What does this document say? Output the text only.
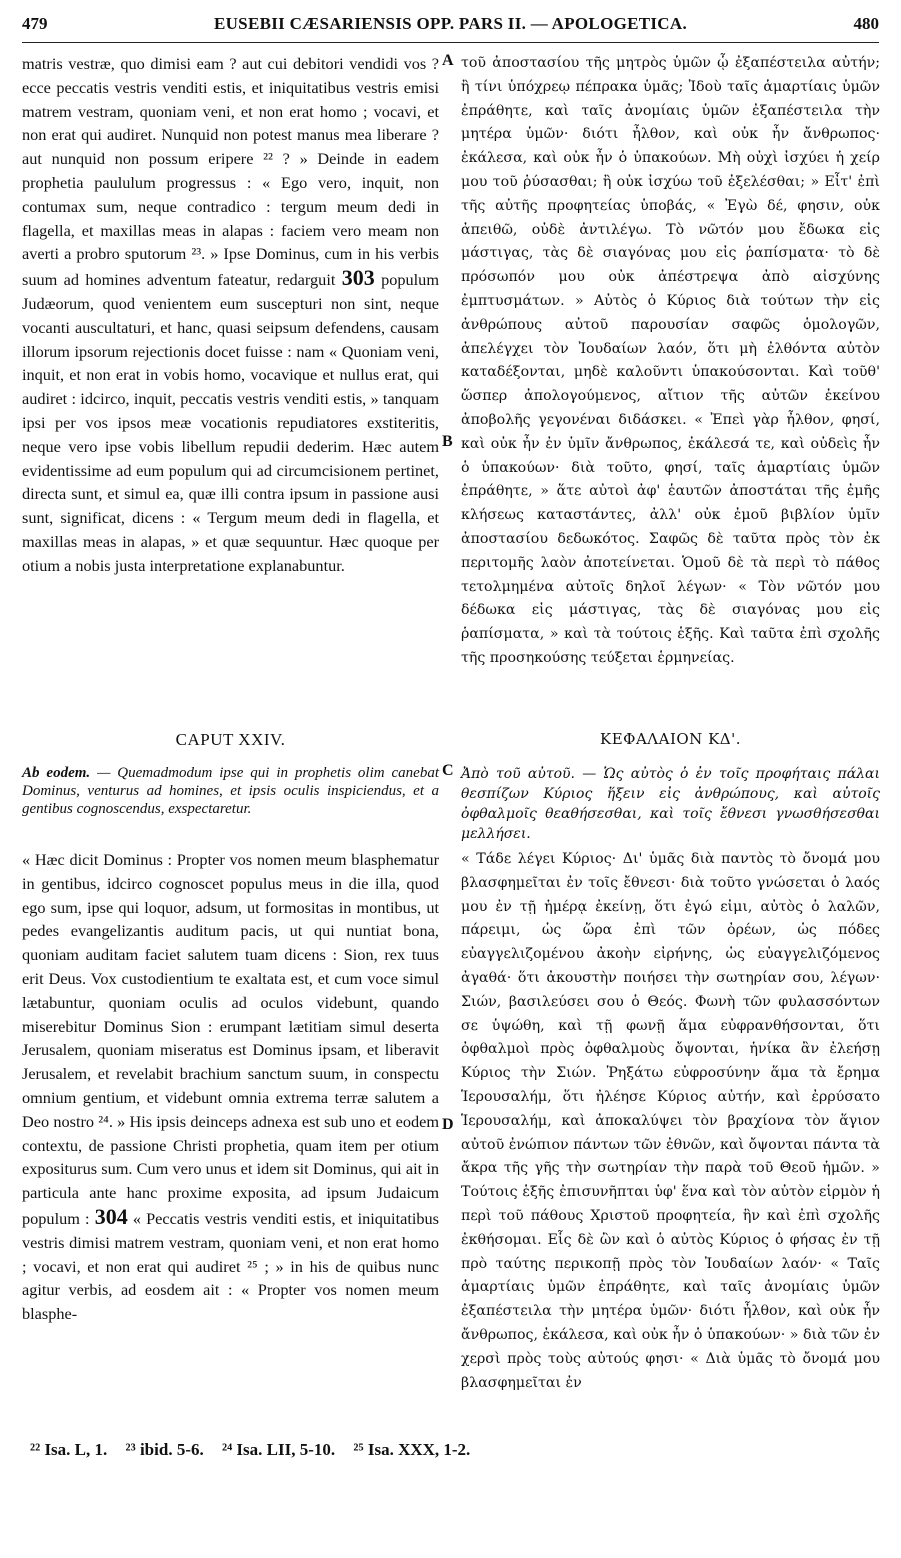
479	EUSEBII CÆSARIENSIS OPP. PARS II. — APOLOGETICA.	480
A
B
C
D

matris vestræ, quo dimisi eam ? aut cui debitori vendidi vos ? ecce peccatis vestris venditi estis, et iniquitatibus vestris emisi matrem vestram, quoniam veni, et non erat homo ; vocavi, et non erat qui audiret. Nunquid non potest manus mea liberare ? aut nunquid non possum eripere ²² ? » Deinde in eadem prophetia paululum progressus : « Ego vero, inquit, non contumax sum, neque contradico : tergum meum dedi in flagella, et maxillas meas in alapas : faciem vero meam non averti a probro sputorum ²³. » Ipse Dominus, cum in his verbis suum ad homines adventum fateatur, redarguit 303 populum Judæorum, quod venientem eum suscepturi non sint, neque vocanti auscultaturi, et hanc, quasi seipsum defendens, causam illorum ipsorum rejectionis docet fuisse : nam « Quoniam veni, inquit, et non erat in vobis homo, vocavique et nullus erat, qui audiret : idcirco, inquit, peccatis vestris venditi estis, » tanquam ipsi per vos ipsos meæ vocationis repudiatores exstiteritis, neque vero ipse vobis libellum repudii dederim. Hæc autem evidentissime ad eum populum qui ad circumcisionem pertinet, directa sunt, et simul ea, quæ illi contra ipsum in passione ausi sunt, significat, dicens : « Tergum meum dedi in flagella, et maxillas meas in alapas, » et quæ sequuntur. Hæc quoque per otium a nobis justa interpretatione explanabuntur.

τοῦ ἀποστασίου τῆς μητρὸς ὑμῶν ᾧ ἐξαπέστειλα αὐτήν; ἢ τίνι ὑπόχρεῳ πέπρακα ὑμᾶς; Ἰδοὺ ταῖς ἁμαρτίαις ὑμῶν ἐπράθητε, καὶ ταῖς ἀνομίαις ὑμῶν ἐξαπέστειλα τὴν μητέρα ὑμῶν· διότι ἦλθον, καὶ οὐκ ἦν ἄνθρωπος· ἐκάλεσα, καὶ οὐκ ἦν ὁ ὑπακούων. Μὴ οὐχὶ ἰσχύει ἡ χείρ μου τοῦ ῥύσασθαι; ἢ οὐκ ἰσχύω τοῦ ἐξελέσθαι; » Εἶτ' ἐπὶ τῆς αὐτῆς προφητείας ὑποβάς, « Ἐγὼ δέ, φησιν, οὐκ ἀπειθῶ, οὐδὲ ἀντιλέγω. Τὸ νῶτόν μου ἔδωκα εἰς μάστιγας, τὰς δὲ σιαγόνας μου εἰς ῥαπίσματα· τὸ δὲ πρόσωπόν μου οὐκ ἀπέστρεψα ἀπὸ αἰσχύνης ἐμπτυσμάτων. » Αὐτὸς ὁ Κύριος διὰ τούτων τὴν εἰς ἀνθρώπους αὐτοῦ παρουσίαν σαφῶς ὁμολογῶν, ἀπελέγχει τὸν Ἰουδαίων λαόν, ὅτι μὴ ἐλθόντα αὐτὸν καταδέξονται, μηδὲ καλοῦντι ὑπακούσονται. Καὶ τοῦθ' ὥσπερ ἀπολογούμενος, αἴτιον τῆς αὐτῶν ἐκείνου ἀποβολῆς γεγονέναι διδάσκει. « Ἐπεὶ γὰρ ἦλθον, φησί, καὶ οὐκ ἦν ἐν ὑμῖν ἄνθρωπος, ἐκάλεσά τε, καὶ οὐδεὶς ἦν ὁ ὑπακούων· διὰ τοῦτο, φησί, ταῖς ἁμαρτίαις ὑμῶν ἐπράθητε, » ἅτε αὐτοὶ ἀφ' ἑαυτῶν ἀποστάται τῆς ἐμῆς κλήσεως καταστάντες, ἀλλ' οὐκ ἐμοῦ βιβλίον ὑμῖν ἀποστασίου δεδωκότος. Σαφῶς δὲ ταῦτα πρὸς τὸν ἐκ περιτομῆς λαὸν ἀποτείνεται. Ὁμοῦ δὲ τὰ περὶ τὸ πάθος τετολμημένα αὐτοῖς δηλοῖ λέγων· « Τὸν νῶτόν μου δέδωκα εἰς μάστιγας, τὰς δὲ σιαγόνας μου εἰς ῥαπίσματα, » καὶ τὰ τούτοις ἑξῆς. Καὶ ταῦτα ἐπὶ σχολῆς τῆς προσηκούσης τεύξεται ἑρμηνείας.

CAPUT XXIV.	ΚΕΦΑΛΑΙΟΝ ΚΔ'.
Ab eodem. — Quemadmodum ipse qui in prophetis olim canebat Dominus, venturus ad homines, et ipsis oculis inspiciendus, et a gentibus cognoscendus, exspectaretur.
Ἀπὸ τοῦ αὐτοῦ. — Ὡς αὐτὸς ὁ ἐν τοῖς προφήταις πάλαι θεσπίζων Κύριος ἥξειν εἰς ἀνθρώπους, καὶ αὐτοῖς ὀφθαλμοῖς θεαθήσεσθαι, καὶ τοῖς ἔθνεσι γνωσθήσεσθαι μελλήσει.

« Hæc dicit Dominus : Propter vos nomen meum blasphematur in gentibus, idcirco cognoscet populus meus in die illa, quod ego sum, ipse qui loquor, adsum, ut formositas in montibus, ut pedes evangelizantis auditum pacis, ut qui nuntiat bona, quoniam auditam faciet salutem tuam dicens : Sion, rex tuus erit Deus. Vox custodientium te exaltata est, et cum voce simul lætabuntur, quoniam oculis ad oculos videbunt, quando miserebitur Dominus Sion : erumpant lætitiam simul deserta Jerusalem, quoniam miseratus est Dominus ipsam, et liberavit Jerusalem, et revelabit brachium sanctum suum, in conspectu omnium gentium, et videbunt omnia extrema terræ salutem a Deo nostro ²⁴. » His ipsis deinceps adnexa est sub uno et eodem contextu, de passione Christi prophetia, quam item per otium expositurus sum. Cum vero unus et idem sit Dominus, qui ait in particula ante hanc proxime exposita, ad ipsum Judaicum populum : 304 « Peccatis vestris venditi estis, et iniquitatibus vestris dimisi matrem vestram, quoniam veni, et non erat homo ; vocavi, et non erat qui audiret ²⁵ ; » in his de quibus nunc agitur verbis, ad eosdem ait : « Propter vos nomen meum blasphe-

« Τάδε λέγει Κύριος· Δι' ὑμᾶς διὰ παντὸς τὸ ὄνομά μου βλασφημεῖται ἐν τοῖς ἔθνεσι· διὰ τοῦτο γνώσεται ὁ λαός μου ἐν τῇ ἡμέρᾳ ἐκείνῃ, ὅτι ἐγώ εἰμι, αὐτὸς ὁ λαλῶν, πάρειμι, ὡς ὥρα ἐπὶ τῶν ὀρέων, ὡς πόδες εὐαγγελιζομένου ἀκοὴν εἰρήνης, ὡς εὐαγγελιζόμενος ἀγαθά· ὅτι ἀκουστὴν ποιήσει τὴν σωτηρίαν σου, λέγων· Σιών, βασιλεύσει σου ὁ Θεός. Φωνὴ τῶν φυλασσόντων σε ὑψώθη, καὶ τῇ φωνῇ ἅμα εὐφρανθήσονται, ὅτι ὀφθαλμοὶ πρὸς ὀφθαλμοὺς ὄψονται, ἡνίκα ἂν ἐλεήσῃ Κύριος τὴν Σιών. Ῥηξάτω εὐφροσύνην ἅμα τὰ ἔρημα Ἱερουσαλήμ, ὅτι ἠλέησε Κύριος αὐτήν, καὶ ἐρρύσατο Ἱερουσαλήμ, καὶ ἀποκαλύψει τὸν βραχίονα τὸν ἅγιον αὐτοῦ ἐνώπιον πάντων τῶν ἐθνῶν, καὶ ὄψονται πάντα τὰ ἄκρα τῆς γῆς τὴν σωτηρίαν τὴν παρὰ τοῦ Θεοῦ ἡμῶν. » Τούτοις ἑξῆς ἐπισυνῆπται ὑφ' ἕνα καὶ τὸν αὐτὸν εἱρμὸν ἡ περὶ τοῦ πάθους Χριστοῦ προφητεία, ἣν καὶ ἐπὶ σχολῆς ἐκθήσομαι. Εἷς δὲ ὢν καὶ ὁ αὐτὸς Κύριος ὁ φήσας ἐν τῇ πρὸ ταύτης περικοπῇ πρὸς τὸν Ἰουδαίων λαόν· « Ταῖς ἁμαρτίαις ὑμῶν ἐπράθητε, καὶ ταῖς ἀνομίαις ὑμῶν ἐξαπέστειλα τὴν μητέρα ὑμῶν· διότι ἦλθον, καὶ οὐκ ἦν ἄνθρωπος, ἐκάλεσα, καὶ οὐκ ἦν ὁ ὑπακούων· » διὰ τῶν ἐν χερσὶ πρὸς τοὺς αὐτούς φησι· « Διὰ ὑμᾶς τὸ ὄνομά μου βλασφημεῖται ἐν

²² Isa. L, 1. ²³ ibid. 5-6. ²⁴ Isa. LII, 5-10. ²⁵ Isa. XXX, 1-2.
